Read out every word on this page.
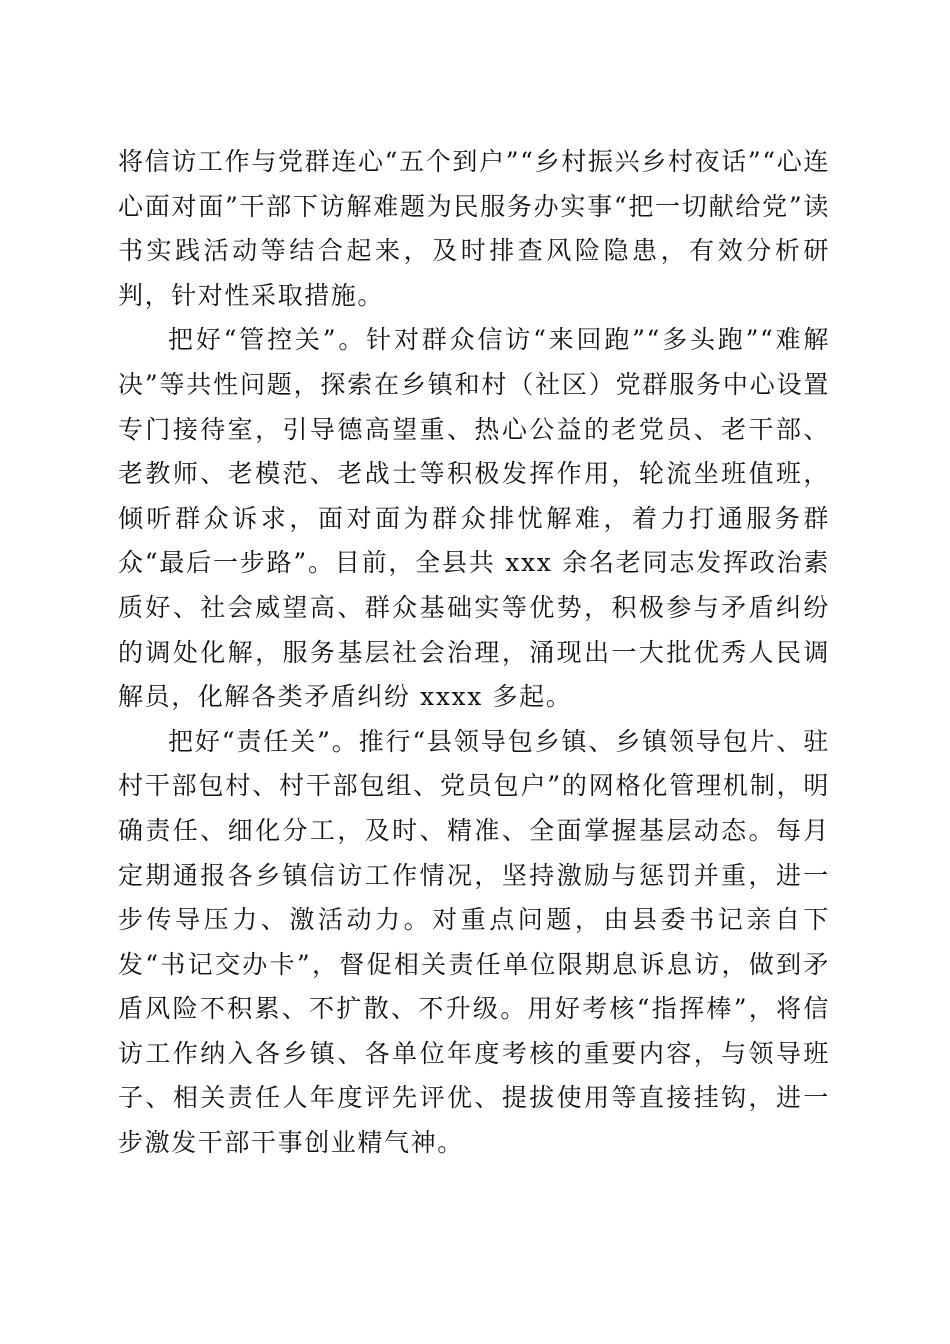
将信访工作与党群连心“五个到户”“乡村振兴乡村夜话”“心连心面对面”干部下访解难题为民服务办实事“把一切献给党”读书实践活动等结合起来，及时排查风险隐患，有效分析研判，针对性采取措施。

把好“管控关”。针对群众信访“来回跑”“多头跑”“难解决”等共性问题，探索在乡镇和村（社区）党群服务中心设置专门接待室，引导德高望重、热心公益的老党员、老干部、老教师、老模范、老战士等积极发挥作用，轮流坐班值班，倾听群众诉求，面对面为群众排忧解难，着力打通服务群众“最后一步路”。目前，全县共 xxx 余名老同志发挥政治素质好、社会威望高、群众基础实等优势，积极参与矛盾纠纷的调处化解，服务基层社会治理，涌现出一大批优秀人民调解员，化解各类矛盾纠纷 xxxx 多起。

把好“责任关”。推行“县领导包乡镇、乡镇领导包片、驻村干部包村、村干部包组、党员包户”的网格化管理机制，明确责任、细化分工，及时、精准、全面掌握基层动态。每月定期通报各乡镇信访工作情况，坚持激励与惩罚并重，进一步传导压力、激活动力。对重点问题，由县委书记亲自下发“书记交办卡”，督促相关责任单位限期息诉息访，做到矛盾风险不积累、不扩散、不升级。用好考核“指挥棒”，将信访工作纳入各乡镇、各单位年度考核的重要内容，与领导班子、相关责任人年度评先评优、提拔使用等直接挂钩，进一步激发干部干事创业精气神。
